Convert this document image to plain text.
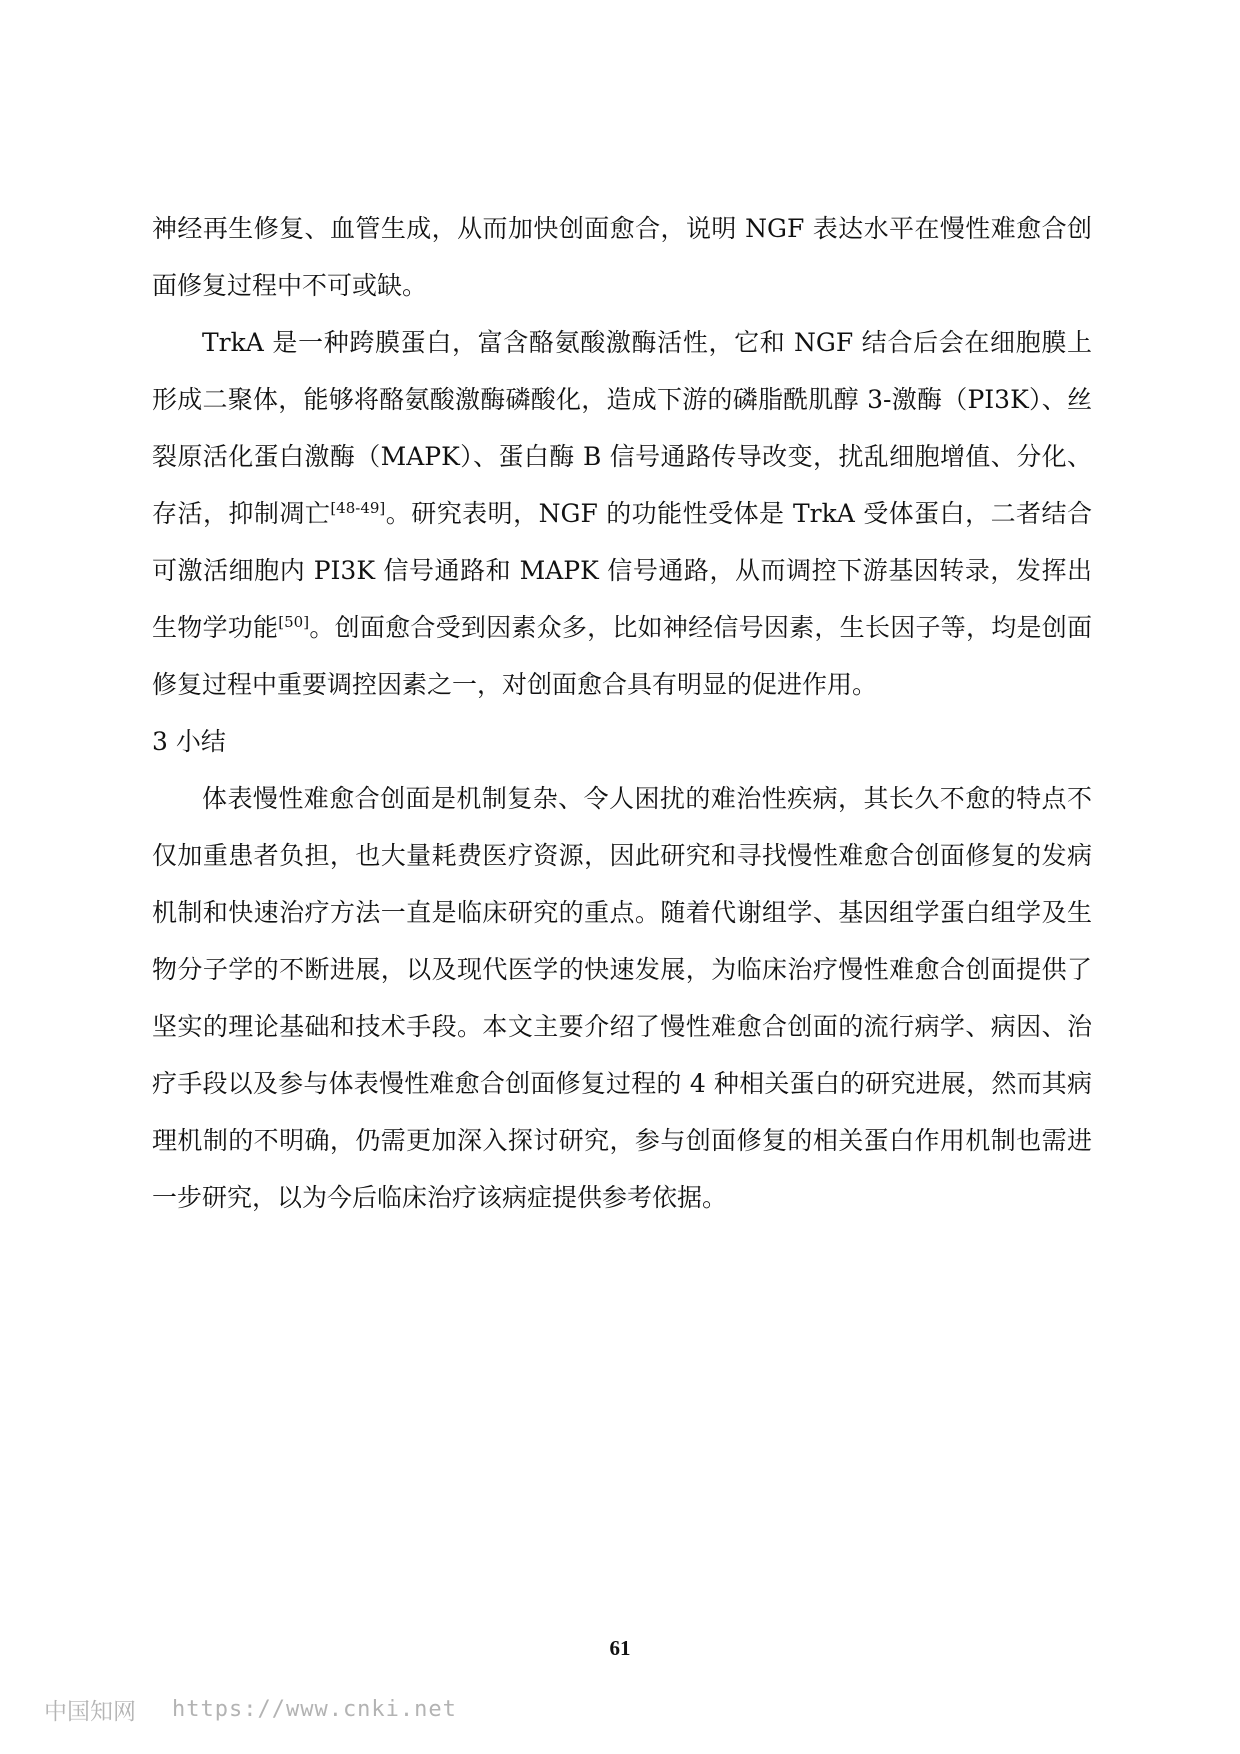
神经再生修复、血管生成，从而加快创面愈合，说明 NGF 表达水平在慢性难愈合创面修复过程中不可或缺。

TrkA 是一种跨膜蛋白，富含酪氨酸激酶活性，它和 NGF 结合后会在细胞膜上形成二聚体，能够将酪氨酸激酶磷酸化，造成下游的磷脂酰肌醇 3-激酶（PI3K）、丝裂原活化蛋白激酶（MAPK）、蛋白酶 B 信号通路传导改变，扰乱细胞增值、分化、存活，抑制凋亡[48-49]。研究表明，NGF 的功能性受体是 TrkA 受体蛋白，二者结合可激活细胞内 PI3K 信号通路和 MAPK 信号通路，从而调控下游基因转录，发挥出生物学功能[50]。创面愈合受到因素众多，比如神经信号因素，生长因子等，均是创面修复过程中重要调控因素之一，对创面愈合具有明显的促进作用。

3 小结

体表慢性难愈合创面是机制复杂、令人困扰的难治性疾病，其长久不愈的特点不仅加重患者负担，也大量耗费医疗资源，因此研究和寻找慢性难愈合创面修复的发病机制和快速治疗方法一直是临床研究的重点。随着代谢组学、基因组学蛋白组学及生物分子学的不断进展，以及现代医学的快速发展，为临床治疗慢性难愈合创面提供了坚实的理论基础和技术手段。本文主要介绍了慢性难愈合创面的流行病学、病因、治疗手段以及参与体表慢性难愈合创面修复过程的 4 种相关蛋白的研究进展，然而其病理机制的不明确，仍需更加深入探讨研究，参与创面修复的相关蛋白作用机制也需进一步研究，以为今后临床治疗该病症提供参考依据。

61
中国知网 https://www.cnki.net
